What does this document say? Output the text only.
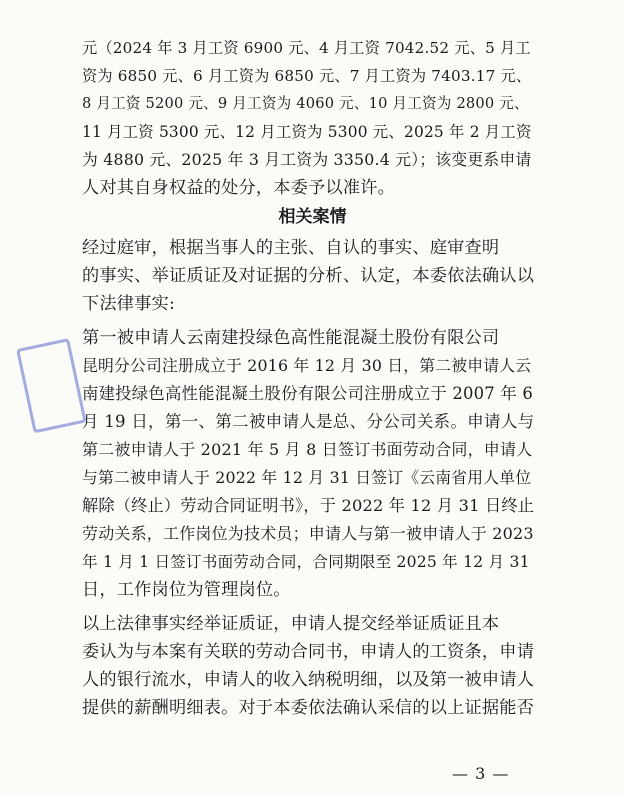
元（2024 年 3 月工资 6900 元、4 月工资 7042.52 元、5 月工
资为 6850 元、6 月工资为 6850 元、7 月工资为 7403.17 元、
8 月工资 5200 元、9 月工资为 4060 元、10 月工资为 2800 元、
11 月工资 5300 元、12 月工资为 5300 元、2025 年 2 月工资
为 4880 元、2025 年 3 月工资为 3350.4 元）；该变更系申请
人对其自身权益的处分，本委予以准许。
相关案情
经过庭审，根据当事人的主张、自认的事实、庭审查明
的事实、举证质证及对证据的分析、认定，本委依法确认以
下法律事实:
第一被申请人云南建投绿色高性能混凝土股份有限公司
昆明分公司注册成立于 2016 年 12 月 30 日，第二被申请人云
南建投绿色高性能混凝土股份有限公司注册成立于 2007 年 6
月 19 日，第一、第二被申请人是总、分公司关系。申请人与
第二被申请人于 2021 年 5 月 8 日签订书面劳动合同，申请人
与第二被申请人于 2022 年 12 月 31 日签订《云南省用人单位
解除（终止）劳动合同证明书》，于 2022 年 12 月 31 日终止
劳动关系，工作岗位为技术员；申请人与第一被申请人于 2023
年 1 月 1 日签订书面劳动合同，合同期限至 2025 年 12 月 31
日，工作岗位为管理岗位。
以上法律事实经举证质证，申请人提交经举证质证且本
委认为与本案有关联的劳动合同书，申请人的工资条，申请
人的银行流水，申请人的收入纳税明细，以及第一被申请人
提供的薪酬明细表。对于本委依法确认采信的以上证据能否
— 3 —
